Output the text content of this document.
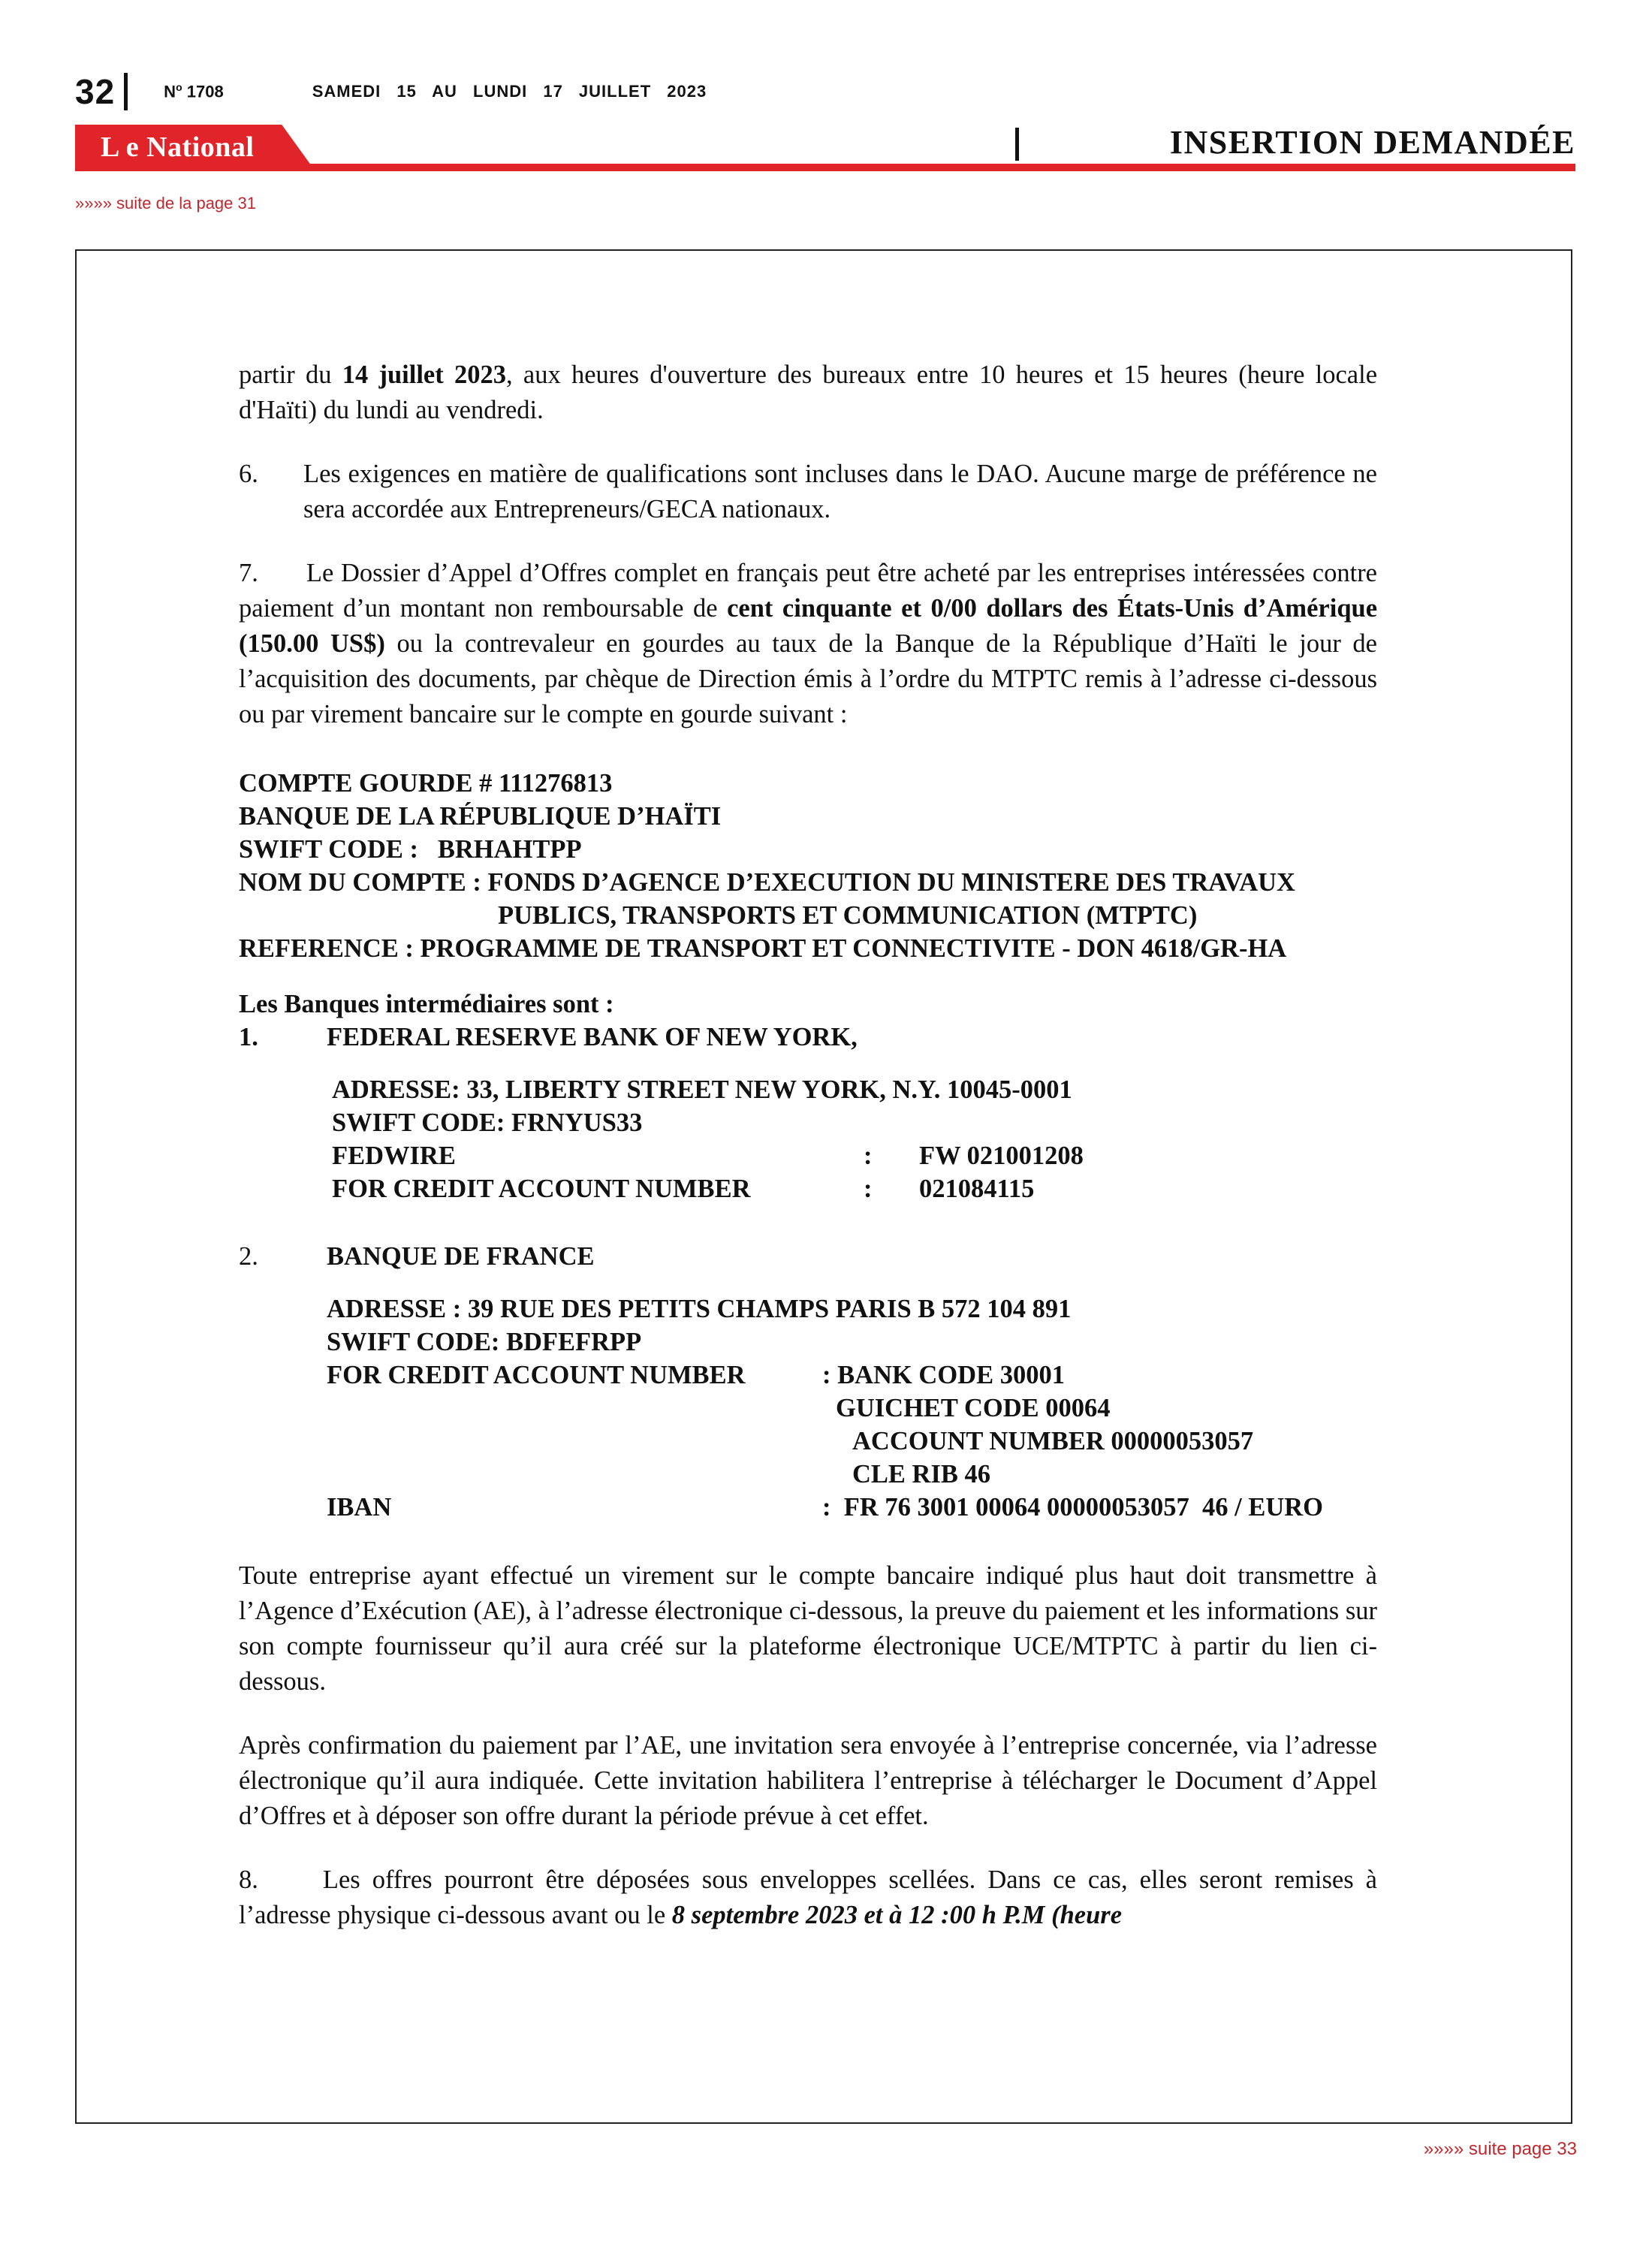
32	$N^o$ 1708	SAMEDI 15 AU LUNDI 17 JUILLET 2023
L e National	INSERTION DEMANDÉE
»»»» suite de la page 31

partir du 14 juillet 2023, aux heures d'ouverture des bureaux entre 10 heures et 15 heures (heure locale d'Haïti) du lundi au vendredi.

6.	Les exigences en matière de qualifications sont incluses dans le DAO. Aucune marge de préférence ne sera accordée aux Entrepreneurs/GECA nationaux.

7. Le Dossier d’Appel d’Offres complet en français peut être acheté par les entreprises intéressées contre paiement d’un montant non remboursable de cent cinquante et 0/00 dollars des États-Unis d’Amérique (150.00 US$) ou la contrevaleur en gourdes au taux de la Banque de la République d’Haïti le jour de l’acquisition des documents, par chèque de Direction émis à l’ordre du MTPTC remis à l’adresse ci-dessous ou par virement bancaire sur le compte en gourde suivant :

COMPTE GOURDE # 111276813
BANQUE DE LA RÉPUBLIQUE D’HAÏTI
SWIFT CODE :   BRHAHTPP
NOM DU COMPTE : FONDS D’AGENCE D’EXECUTION DU MINISTERE DES TRAVAUX
PUBLICS, TRANSPORTS ET COMMUNICATION (MTPTC)
REFERENCE : PROGRAMME DE TRANSPORT ET CONNECTIVITE - DON 4618/GR-HA
Les Banques intermédiaires sont :
1.	FEDERAL RESERVE BANK OF NEW YORK,
ADRESSE: 33, LIBERTY STREET NEW YORK, N.Y. 10045-0001
SWIFT CODE: FRNYUS33
FEDWIRE	:	FW 021001208
FOR CREDIT ACCOUNT NUMBER	:	021084115
2.	BANQUE DE FRANCE
ADRESSE : 39 RUE DES PETITS CHAMPS PARIS B 572 104 891
SWIFT CODE: BDFEFRPP
FOR CREDIT ACCOUNT NUMBER	: BANK CODE 30001
GUICHET CODE 00064
ACCOUNT NUMBER 00000053057
CLE RIB 46
IBAN	:  FR 76 3001 00064 00000053057  46 / EURO

Toute entreprise ayant effectué un virement sur le compte bancaire indiqué plus haut doit transmettre à l’Agence d’Exécution (AE), à l’adresse électronique ci-dessous, la preuve du paiement et les informations sur son compte fournisseur qu’il aura créé sur la plateforme électronique UCE/MTPTC à partir du lien ci-dessous.

Après confirmation du paiement par l’AE, une invitation sera envoyée à l’entreprise concernée, via l’adresse électronique qu’il aura indiquée. Cette invitation habilitera l’entreprise à télécharger le Document d’Appel d’Offres et à déposer son offre durant la période prévue à cet effet.

8. Les offres pourront être déposées sous enveloppes scellées. Dans ce cas, elles seront remises à l’adresse physique ci-dessous avant ou le 8 septembre 2023 et à 12 :00 h P.M (heure

»»»» suite page 33
